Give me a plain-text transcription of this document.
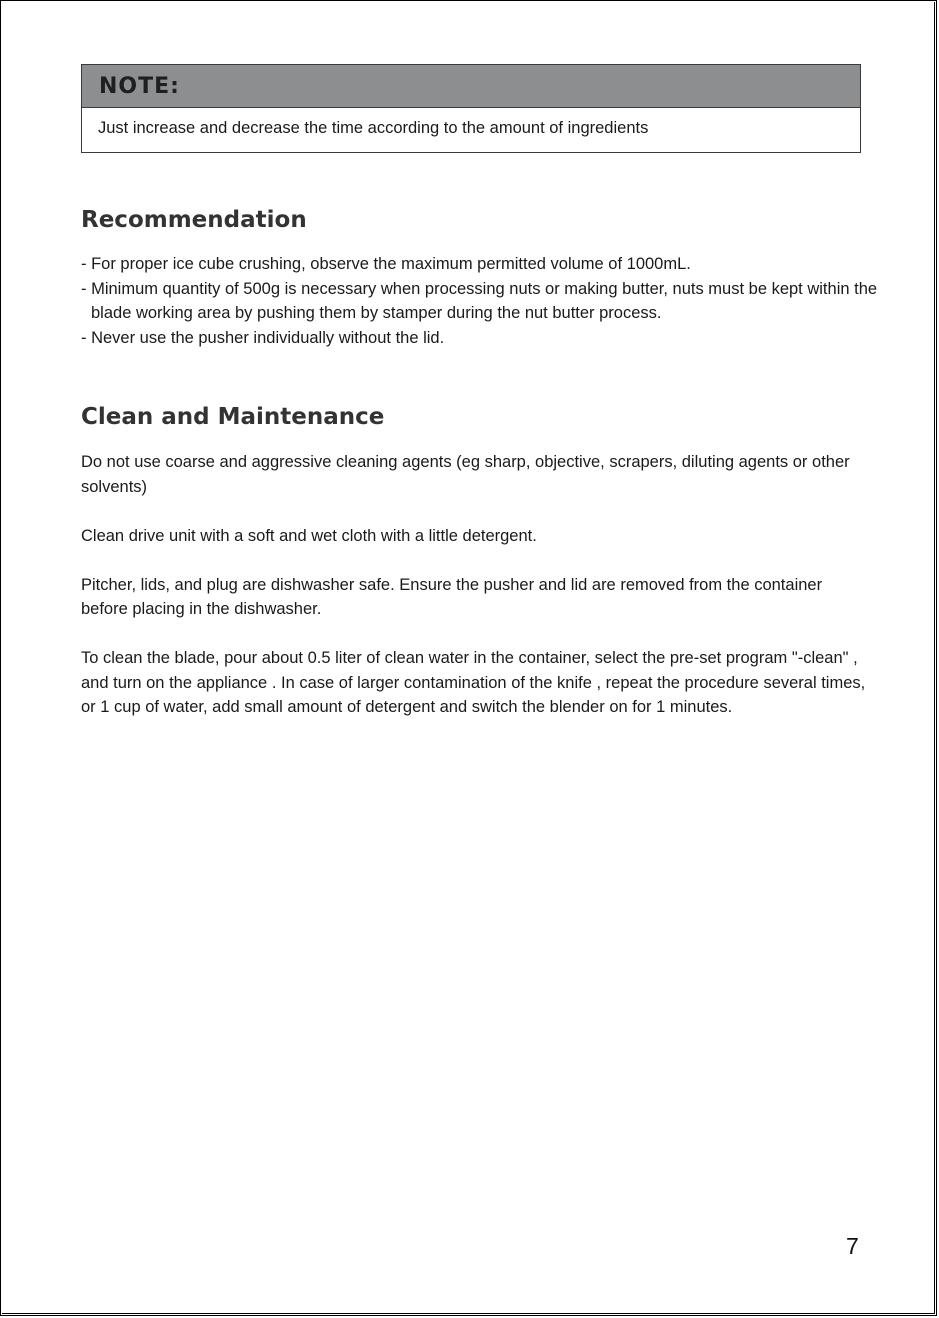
NOTE:
Just increase and decrease the time according to the amount of ingredients
Recommendation
- For proper ice cube crushing, observe the maximum permitted volume of 1000mL.
- Minimum quantity of 500g is necessary when processing nuts or making butter, nuts must be kept within the blade working area by pushing them by stamper during the nut butter process.
- Never use the pusher individually without the lid.
Clean and Maintenance

Do not use coarse and aggressive cleaning agents (eg sharp, objective, scrapers, diluting agents or other solvents)

Clean drive unit with a soft and wet cloth with a little detergent.

Pitcher, lids, and plug are dishwasher safe. Ensure the pusher and lid are removed from the container before placing in the dishwasher.

To clean the blade, pour about 0.5 liter of clean water in the container, select the pre-set program "-clean" , and turn on the appliance . In case of larger contamination of the knife , repeat the procedure several times, or 1 cup of water, add small amount of detergent and switch the blender on for 1 minutes.

7
